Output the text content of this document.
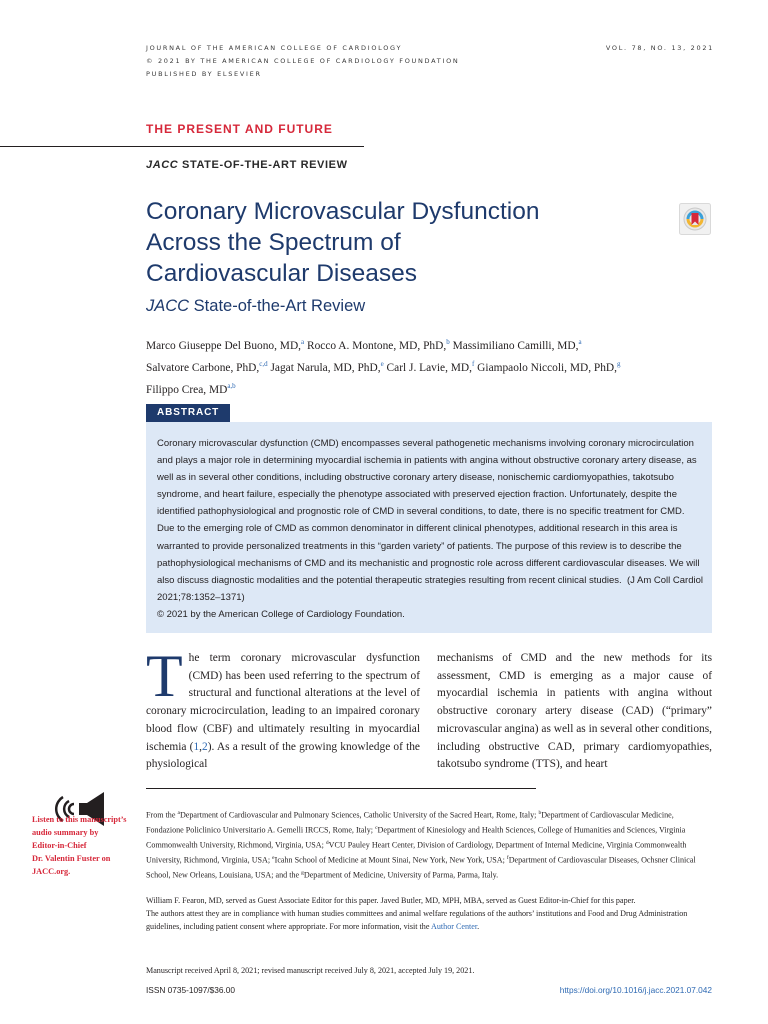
JOURNAL OF THE AMERICAN COLLEGE OF CARDIOLOGY
© 2021 BY THE AMERICAN COLLEGE OF CARDIOLOGY FOUNDATION
PUBLISHED BY ELSEVIER
VOL. 78, NO. 13, 2021
THE PRESENT AND FUTURE
JACC STATE-OF-THE-ART REVIEW
Coronary Microvascular Dysfunction
Across the Spectrum of
Cardiovascular Diseases
JACC State-of-the-Art Review
Marco Giuseppe Del Buono, MD,$^a$ Rocco A. Montone, MD, PhD,$^b$ Massimiliano Camilli, MD,$^a$
Salvatore Carbone, PhD,$^{c,d}$ Jagat Narula, MD, PhD,$^e$ Carl J. Lavie, MD,$^f$ Giampaolo Niccoli, MD, PhD,$^g$
Filippo Crea, MD$^{a,b}$
ABSTRACT
Coronary microvascular dysfunction (CMD) encompasses several pathogenetic mechanisms involving coronary microcirculation and plays a major role in determining myocardial ischemia in patients with angina without obstructive coronary artery disease, as well as in several other conditions, including obstructive coronary artery disease, nonischemic cardiomyopathies, takotsubo syndrome, and heart failure, especially the phenotype associated with preserved ejection fraction. Unfortunately, despite the identified pathophysiological and prognostic role of CMD in several conditions, to date, there is no specific treatment for CMD. Due to the emerging role of CMD as common denominator in different clinical phenotypes, additional research in this area is warranted to provide personalized treatments in this “garden variety” of patients. The purpose of this review is to describe the pathophysiological mechanisms of CMD and its mechanistic and prognostic role across different cardiovascular diseases. We will also discuss diagnostic modalities and the potential therapeutic strategies resulting from recent clinical studies. (J Am Coll Cardiol 2021;78:1352–1371)
© 2021 by the American College of Cardiology Foundation.
The term coronary microvascular dysfunction (CMD) has been used referring to the spectrum of structural and functional alterations at the level of coronary microcirculation, leading to an impaired coronary blood flow (CBF) and ultimately resulting in myocardial ischemia (1,2). As a result of the growing knowledge of the physiological
mechanisms of CMD and the new methods for its assessment, CMD is emerging as a major cause of myocardial ischemia in patients with angina without obstructive coronary artery disease (CAD) (“primary” microvascular angina) as well as in several other conditions, including obstructive CAD, primary cardiomyopathies, takotsubo syndrome (TTS), and heart
Listen to this manuscript’s
audio summary by
Editor-in-Chief
Dr. Valentin Fuster on
JACC.org.
From the $^a$Department of Cardiovascular and Pulmonary Sciences, Catholic University of the Sacred Heart, Rome, Italy; $^b$Department of Cardiovascular Medicine, Fondazione Policlinico Universitario A. Gemelli IRCCS, Rome, Italy; $^c$Department of Kinesiology and Health Sciences, College of Humanities and Sciences, Virginia Commonwealth University, Richmond, Virginia, USA; $^d$VCU Pauley Heart Center, Division of Cardiology, Department of Internal Medicine, Virginia Commonwealth University, Richmond, Virginia, USA; $^e$Icahn School of Medicine at Mount Sinai, New York, New York, USA; $^f$Department of Cardiovascular Diseases, Ochsner Clinical School, New Orleans, Louisiana, USA; and the $^g$Department of Medicine, University of Parma, Parma, Italy.
William F. Fearon, MD, served as Guest Associate Editor for this paper. Javed Butler, MD, MPH, MBA, served as Guest Editor-in-Chief for this paper.
The authors attest they are in compliance with human studies committees and animal welfare regulations of the authors’ institutions and Food and Drug Administration guidelines, including patient consent where appropriate. For more information, visit the Author Center.
Manuscript received April 8, 2021; revised manuscript received July 8, 2021, accepted July 19, 2021.
ISSN 0735-1097/$36.00	https://doi.org/10.1016/j.jacc.2021.07.042
